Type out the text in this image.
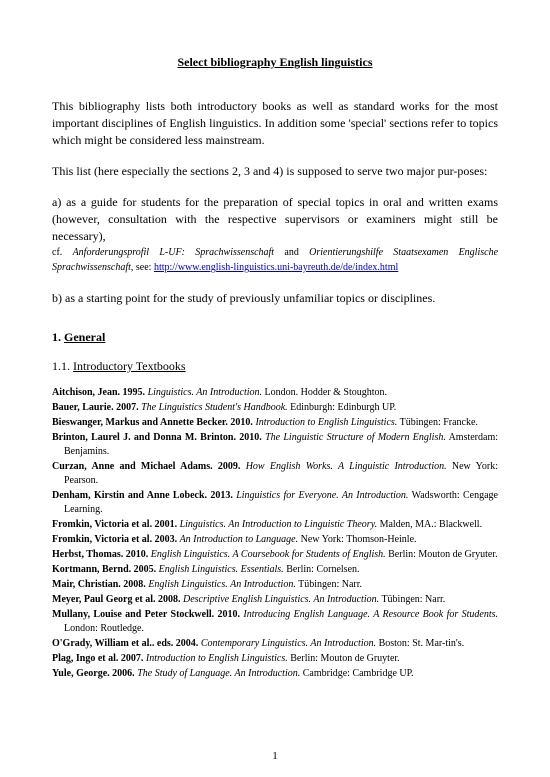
Select bibliography English linguistics

This bibliography lists both introductory books as well as standard works for the most important disciplines of English linguistics. In addition some 'special' sections refer to topics which might be considered less mainstream.

This list (here especially the sections 2, 3 and 4) is supposed to serve two major pur-poses:

a) as a guide for students for the preparation of special topics in oral and written exams (however, consultation with the respective supervisors or examiners might still be necessary),

cf. Anforderungsprofil L-UF: Sprachwissenschaft and Orientierungshilfe Staatsexamen Englische Sprachwissenschaft, see: http://www.english-linguistics.uni-bayreuth.de/de/index.html

b) as a starting point for the study of previously unfamiliar topics or disciplines.

1. General
1.1. Introductory Textbooks
Aitchison, Jean. 1995. Linguistics. An Introduction. London. Hodder & Stoughton.
Bauer, Laurie. 2007. The Linguistics Student's Handbook. Edinburgh: Edinburgh UP.
Bieswanger, Markus and Annette Becker. 2010. Introduction to English Linguistics. Tübingen: Francke.
Brinton, Laurel J. and Donna M. Brinton. 2010. The Linguistic Structure of Modern English. Amsterdam: Benjamins.
Curzan, Anne and Michael Adams. 2009. How English Works. A Linguistic Introduction. New York: Pearson.
Denham, Kirstin and Anne Lobeck. 2013. Linguistics for Everyone. An Introduction. Wadsworth: Cengage Learning.
Fromkin, Victoria et al. 2001. Linguistics. An Introduction to Linguistic Theory. Malden, MA.: Blackwell.
Fromkin, Victoria et al. 2003. An Introduction to Language. New York: Thomson-Heinle.
Herbst, Thomas. 2010. English Linguistics. A Coursebook for Students of English. Berlin: Mouton de Gryuter.
Kortmann, Bernd. 2005. English Linguistics. Essentials. Berlin: Cornelsen.
Mair, Christian. 2008. English Linguistics. An Introduction. Tübingen: Narr.
Meyer, Paul Georg et al. 2008. Descriptive English Linguistics. An Introduction. Tübingen: Narr.
Mullany, Louise and Peter Stockwell. 2010. Introducing English Language. A Resource Book for Students. London: Routledge.
O'Grady, William et al.. eds. 2004. Contemporary Linguistics. An Introduction. Boston: St. Mar-tin's.
Plag, Ingo et al. 2007. Introduction to English Linguistics. Berlin: Mouton de Gruyter.
Yule, George. 2006. The Study of Language. An Introduction. Cambridge: Cambridge UP.
1
